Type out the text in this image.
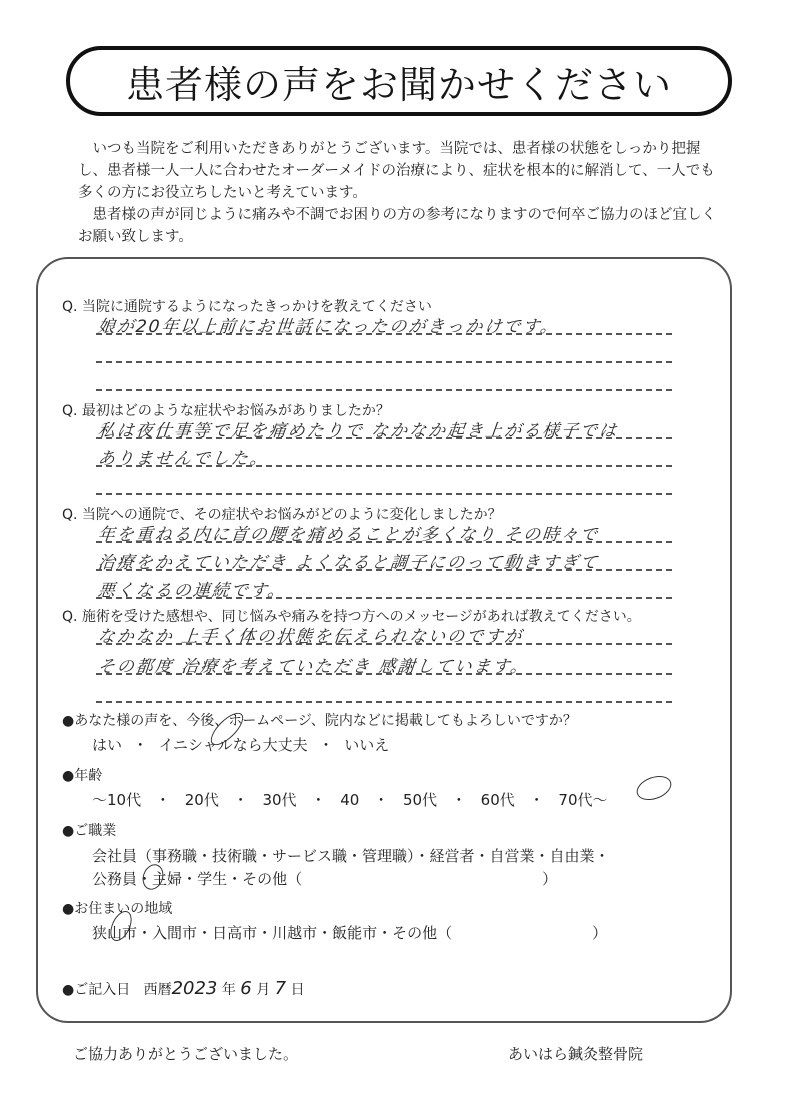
患者様の声をお聞かせください

いつも当院をご利用いただきありがとうございます。当院では、患者様の状態をしっかり把握し、患者様一人一人に合わせたオーダーメイドの治療により、症状を根本的に解消して、一人でも多くの方にお役立ちしたいと考えています。

患者様の声が同じように痛みや不調でお困りの方の参考になりますので何卒ご協力のほど宜しくお願い致します。

Q. 当院に通院するようになったきっかけを教えてください
娘が20年以上前にお世話になったのがきっかけです。
Q. 最初はどのような症状やお悩みがありましたか？
私は夜仕事等で足を痛めたりで なかなか起き上がる様子では
ありませんでした。
Q. 当院への通院で、その症状やお悩みがどのように変化しましたか？
年を重ねる内に首の腰を痛めることが多くなり その時々で
治療をかえていただき よくなると調子にのって動きすぎて
悪くなるの連続です。
Q. 施術を受けた感想や、同じ悩みや痛みを持つ方へのメッセージがあれば教えてください。
なかなか 上手く体の状態を伝えられないのですが
その都度 治療を考えていただき 感謝しています。
●あなた様の声を、今後、ホームページ、院内などに掲載してもよろしいですか？
はい ・ イニシャルなら大丈夫 ・ いいえ
●年齢
～10代   ・   20代   ・   30代   ・   40   ・   50代   ・   60代   ・   70代～
●ご職業
会社員（事務職・技術職・サービス職・管理職）・経営者・自営業・自由業・
公務員・主婦・学生・その他（	）
●お住まいの地域
狭山市・入間市・日高市・川越市・飯能市・その他（	）
●ご記入日 西暦2023 年 6 月 7 日
ご協力ありがとうございました。	あいはら鍼灸整骨院
